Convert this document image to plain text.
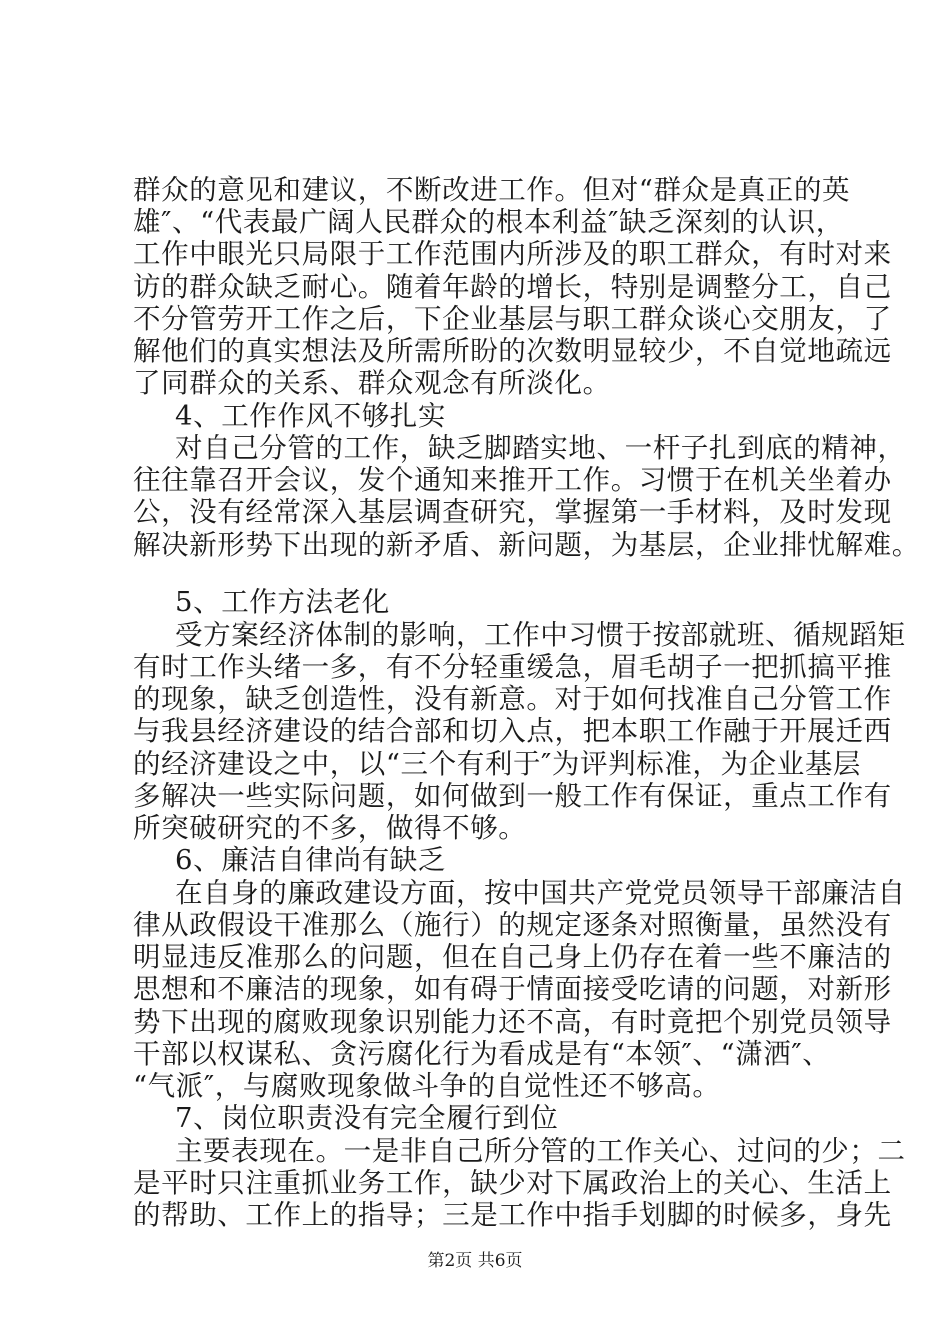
群众的意见和建议，不断改进工作。但对“群众是真正的英

雄″、“代表最广阔人民群众的根本利益″缺乏深刻的认识，

工作中眼光只局限于工作范围内所涉及的职工群众，有时对来

访的群众缺乏耐心。随着年龄的增长，特别是调整分工，自己

不分管劳开工作之后，下企业基层与职工群众谈心交朋友，了

解他们的真实想法及所需所盼的次数明显较少，不自觉地疏远

了同群众的关系、群众观念有所淡化。

4、工作作风不够扎实

对自己分管的工作，缺乏脚踏实地、一杆子扎到底的精神，

往往靠召开会议，发个通知来推开工作。习惯于在机关坐着办

公，没有经常深入基层调查研究，掌握第一手材料，及时发现

解决新形势下出现的新矛盾、新问题，为基层，企业排忧解难。

5、工作方法老化

受方案经济体制的影响，工作中习惯于按部就班、循规蹈矩

有时工作头绪一多，有不分轻重缓急，眉毛胡子一把抓搞平推

的现象，缺乏创造性，没有新意。对于如何找准自己分管工作

与我县经济建设的结合部和切入点，把本职工作融于开展迁西

的经济建设之中，以“三个有利于″为评判标准，为企业基层

多解决一些实际问题，如何做到一般工作有保证，重点工作有

所突破研究的不多，做得不够。

6、廉洁自律尚有缺乏

在自身的廉政建设方面，按中国共产党党员领导干部廉洁自

律从政假设干准那么（施行）的规定逐条对照衡量，虽然没有

明显违反准那么的问题，但在自己身上仍存在着一些不廉洁的

思想和不廉洁的现象，如有碍于情面接受吃请的问题，对新形

势下出现的腐败现象识别能力还不高，有时竟把个别党员领导

干部以权谋私、贪污腐化行为看成是有“本领″、“潇洒″、

“气派″，与腐败现象做斗争的自觉性还不够高。

7、岗位职责没有完全履行到位

主要表现在。一是非自己所分管的工作关心、过问的少；二

是平时只注重抓业务工作，缺少对下属政治上的关心、生活上

的帮助、工作上的指导；三是工作中指手划脚的时候多，身先

第2页 共6页
